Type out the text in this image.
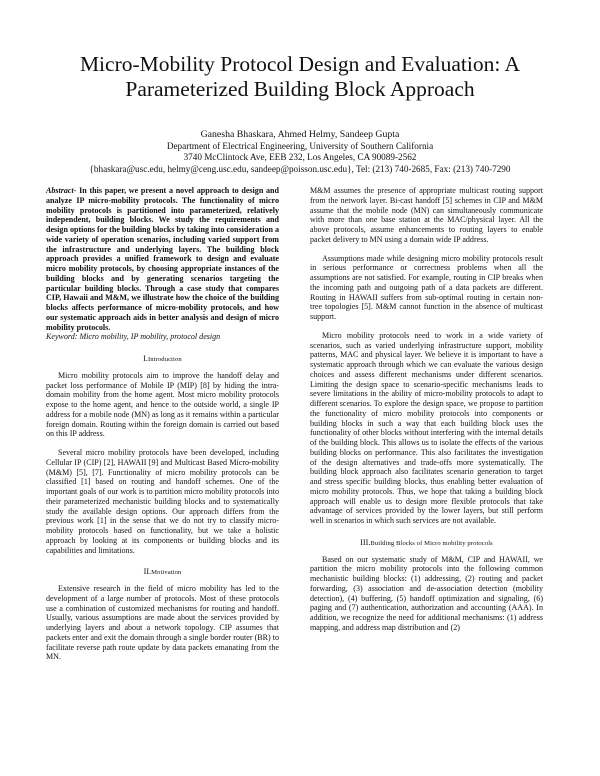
Micro-Mobility Protocol Design and Evaluation: A
Parameterized Building Block Approach
Ganesha Bhaskara, Ahmed Helmy, Sandeep Gupta
Department of Electrical Engineering, University of Southern California
3740 McClintock Ave, EEB 232, Los Angeles, CA 90089-2562
{bhaskara@usc.edu, helmy@ceng.usc.edu, sandeep@poisson.usc.edu}, Tel: (213) 740-2685, Fax: (213) 740-7290

Abstract- In this paper, we present a novel approach to design and analyze IP micro-mobility protocols. The functionality of micro mobility protocols is partitioned into parameterized, relatively independent, building blocks. We study the requirements and design options for the building blocks by taking into consideration a wide variety of operation scenarios, including varied support from the infrastructure and underlying layers. The building block approach provides a unified framework to design and evaluate micro mobility protocols, by choosing appropriate instances of the building blocks and by generating scenarios targeting the particular building blocks. Through a case study that compares CIP, Hawaii and M&M, we illustrate how the choice of the building blocks affects performance of micro-mobility protocols, and how our systematic approach aids in better analysis and design of micro mobility protocols.

Keyword: Micro mobility, IP mobility, protocol design

I.Introduction

Micro mobility protocols aim to improve the handoff delay and packet loss performance of Mobile IP (MIP) [8] by hiding the intra-domain mobility from the home agent. Most micro mobility protocols expose to the home agent, and hence to the outside world, a single IP address for a mobile node (MN) as long as it remains within a particular foreign domain. Routing within the foreign domain is carried out based on this IP address.

Several micro mobility protocols have been developed, including Cellular IP (CIP) [2], HAWAII [9] and Multicast Based Micro-mobility (M&M) [5], [7]. Functionality of micro mobility protocols can be classified [1] based on routing and handoff schemes. One of the important goals of our work is to partition micro mobility protocols into their parameterized mechanistic building blocks and to systematically study the available design options. Our approach differs from the previous work [1] in the sense that we do not try to classify micro-mobility protocols based on functionality, but we take a holistic approach by looking at its components or building blocks and its capabilities and limitations.

II.Motivation

Extensive research in the field of micro mobility has led to the development of a large number of protocols. Most of these protocols use a combination of customized mechanisms for routing and handoff. Usually, various assumptions are made about the services provided by underlying layers and about a network topology. CIP assumes that packets enter and exit the domain through a single border router (BR) to facilitate reverse path route update by data packets emanating from the MN.

M&M assumes the presence of appropriate multicast routing support from the network layer. Bi-cast handoff [5] schemes in CIP and M&M assume that the mobile node (MN) can simultaneously communicate with more than one base station at the MAC/physical layer. All the above protocols, assume enhancements to routing layers to enable packet delivery to MN using a domain wide IP address.

Assumptions made while designing micro mobility protocols result in serious performance or correctness problems when all the assumptions are not satisfied. For example, routing in CIP breaks when the incoming path and outgoing path of a data packets are different. Routing in HAWAII suffers from sub-optimal routing in certain non-tree topologies [5]. M&M cannot function in the absence of multicast support.

Micro mobility protocols need to work in a wide variety of scenarios, such as varied underlying infrastructure support, mobility patterns, MAC and physical layer. We believe it is important to have a systematic approach through which we can evaluate the various design choices and assess different mechanisms under different scenarios. Limiting the design space to scenario-specific mechanisms leads to severe limitations in the ability of micro-mobility protocols to adapt to different scenarios. To explore the design space, we propose to partition the functionality of micro mobility protocols into components or building blocks in such a way that each building block uses the functionality of other blocks without interfering with the internal details of the building block. This allows us to isolate the effects of the various building blocks on performance. This also facilitates the investigation of the design alternatives and trade-offs more systematically. The building block approach also facilitates scenario generation to target and stress specific building blocks, thus enabling better evaluation of micro mobility protocols. Thus, we hope that taking a building block approach will enable us to design more flexible protocols that take advantage of services provided by the lower layers, but still perform well in scenarios in which such services are not available.

III.Building Blocks of Micro mobility protocols

Based on our systematic study of M&M, CIP and HAWAII, we partition the micro mobility protocols into the following common mechanistic building blocks: (1) addressing, (2) routing and packet forwarding, (3) association and de-association detection (mobility detection), (4) buffering, (5) handoff optimization and signaling, (6) paging and (7) authentication, authorization and accounting (AAA). In addition, we recognize the need for additional mechanisms: (1) address mapping, and address map distribution and (2)
